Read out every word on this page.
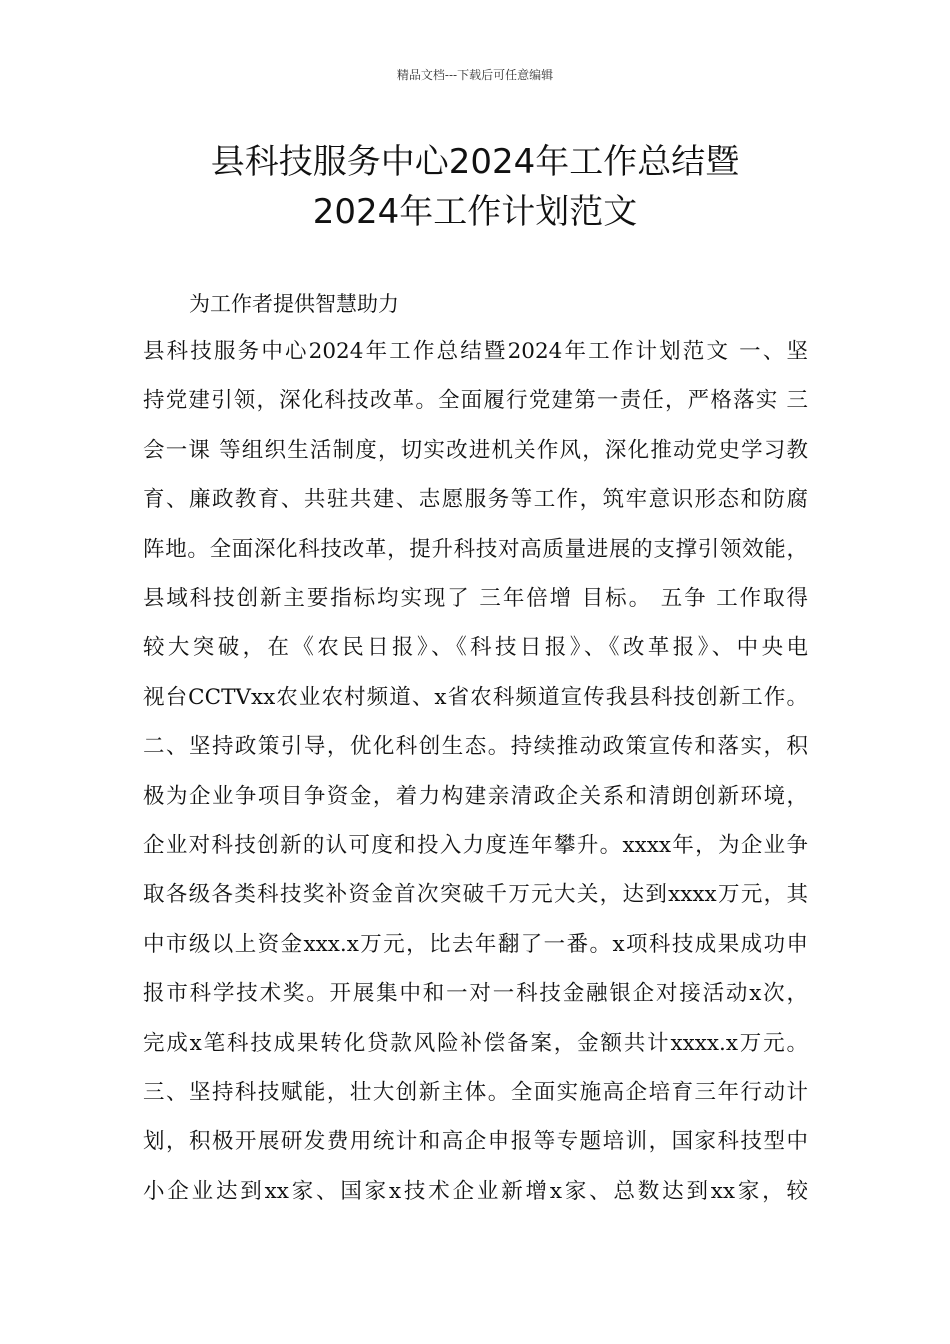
精品文档---下载后可任意编辑
县科技服务中心2024年工作总结暨
2024年工作计划范文
为工作者提供智慧助力
县科技服务中心2024年工作总结暨2024年工作计划范文 一、坚
持党建引领，深化科技改革。全面履行党建第一责任，严格落实 三
会一课 等组织生活制度，切实改进机关作风，深化推动党史学习教
育、廉政教育、共驻共建、志愿服务等工作，筑牢意识形态和防腐
阵地。全面深化科技改革，提升科技对高质量进展的支撑引领效能，
县域科技创新主要指标均实现了 三年倍增 目标。 五争 工作取得
较大突破，在《农民日报》、《科技日报》、《改革报》、中央电
视台CCTVxx农业农村频道、x省农科频道宣传我县科技创新工作。
二、坚持政策引导，优化科创生态。持续推动政策宣传和落实，积
极为企业争项目争资金，着力构建亲清政企关系和清朗创新环境，
企业对科技创新的认可度和投入力度连年攀升。xxxx年，为企业争
取各级各类科技奖补资金首次突破千万元大关，达到xxxx万元，其
中市级以上资金xxx.x万元，比去年翻了一番。x项科技成果成功申
报市科学技术奖。开展集中和一对一科技金融银企对接活动x次，
完成x笔科技成果转化贷款风险补偿备案，金额共计xxxx.x万元。
三、坚持科技赋能，壮大创新主体。全面实施高企培育三年行动计
划，积极开展研发费用统计和高企申报等专题培训，国家科技型中
小企业达到xx家、国家x技术企业新增x家、总数达到xx家，较
